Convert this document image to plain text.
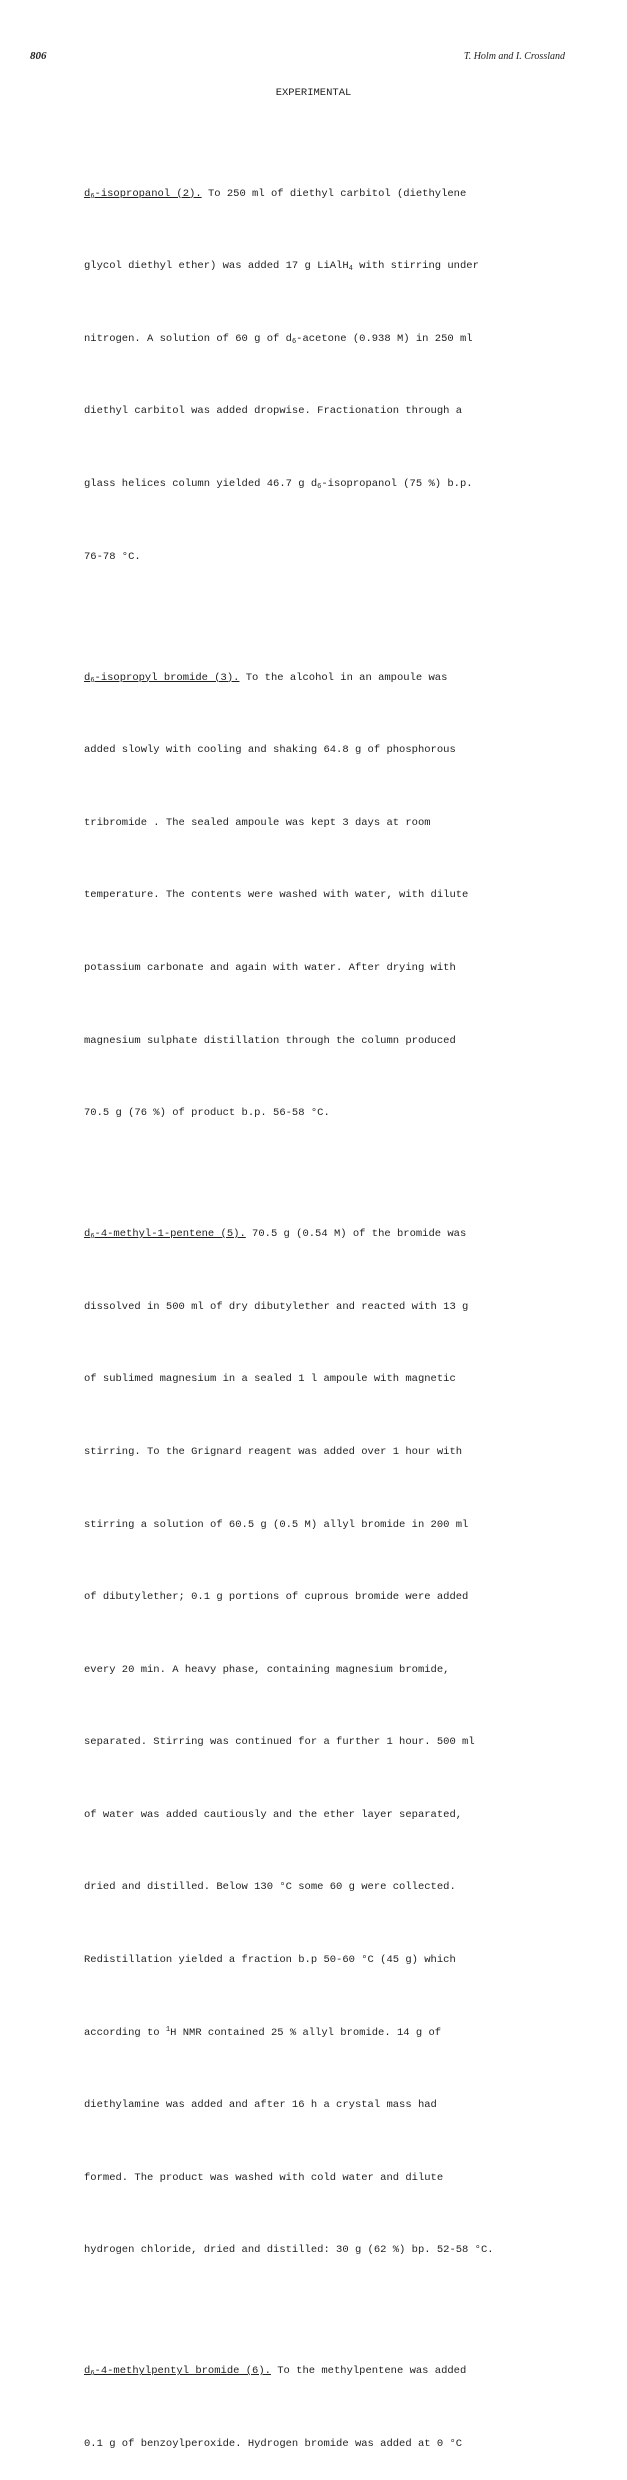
806	T. Holm and I. Crossland
EXPERIMENTAL

$d_6$-isopropanol (2). To 250 ml of diethyl carbitol (diethylene

glycol diethyl ether) was added 17 g LiAlH$_4$ with stirring under

nitrogen. A solution of 60 g of $d_6$-acetone (0.938 M) in 250 ml

diethyl carbitol was added dropwise. Fractionation through a

glass helices column yielded 46.7 g $d_6$-isopropanol (75 %) b.p.

76-78 °C.

$d_6$-isopropyl bromide (3). To the alcohol in an ampoule was

added slowly with cooling and shaking 64.8 g of phosphorous

tribromide . The sealed ampoule was kept 3 days at room

temperature. The contents were washed with water, with dilute

potassium carbonate and again with water. After drying with

magnesium sulphate distillation through the column produced

70.5 g (76 %) of product b.p. 56-58 °C.

$d_6-4-methyl-1$-pentene (5). 70.5 g (0.54 M) of the bromide was

dissolved in 500 ml of dry dibutylether and reacted with 13 g

of sublimed magnesium in a sealed 1 l ampoule with magnetic

stirring. To the Grignard reagent was added over 1 hour with

stirring a solution of 60.5 g (0.5 M) allyl bromide in 200 ml

of dibutylether; 0.1 g portions of cuprous bromide were added

every 20 min. A heavy phase, containing magnesium bromide,

separated. Stirring was continued for a further 1 hour. 500 ml

of water was added cautiously and the ether layer separated,

dried and distilled. Below 130 °C some 60 g were collected.

Redistillation yielded a fraction b.p 50-60 °C (45 g) which

according to $^1$H NMR contained 25 % allyl bromide. 14 g of

diethylamine was added and after 16 h a crystal mass had

formed. The product was washed with cold water and dilute

hydrogen chloride, dried and distilled: 30 g (62 %) bp. 52-58 °C.

$d_6-4$-methylpentyl bromide (6). To the methylpentene was added

0.1 g of benzoylperoxide. Hydrogen bromide was added at 0 °C
